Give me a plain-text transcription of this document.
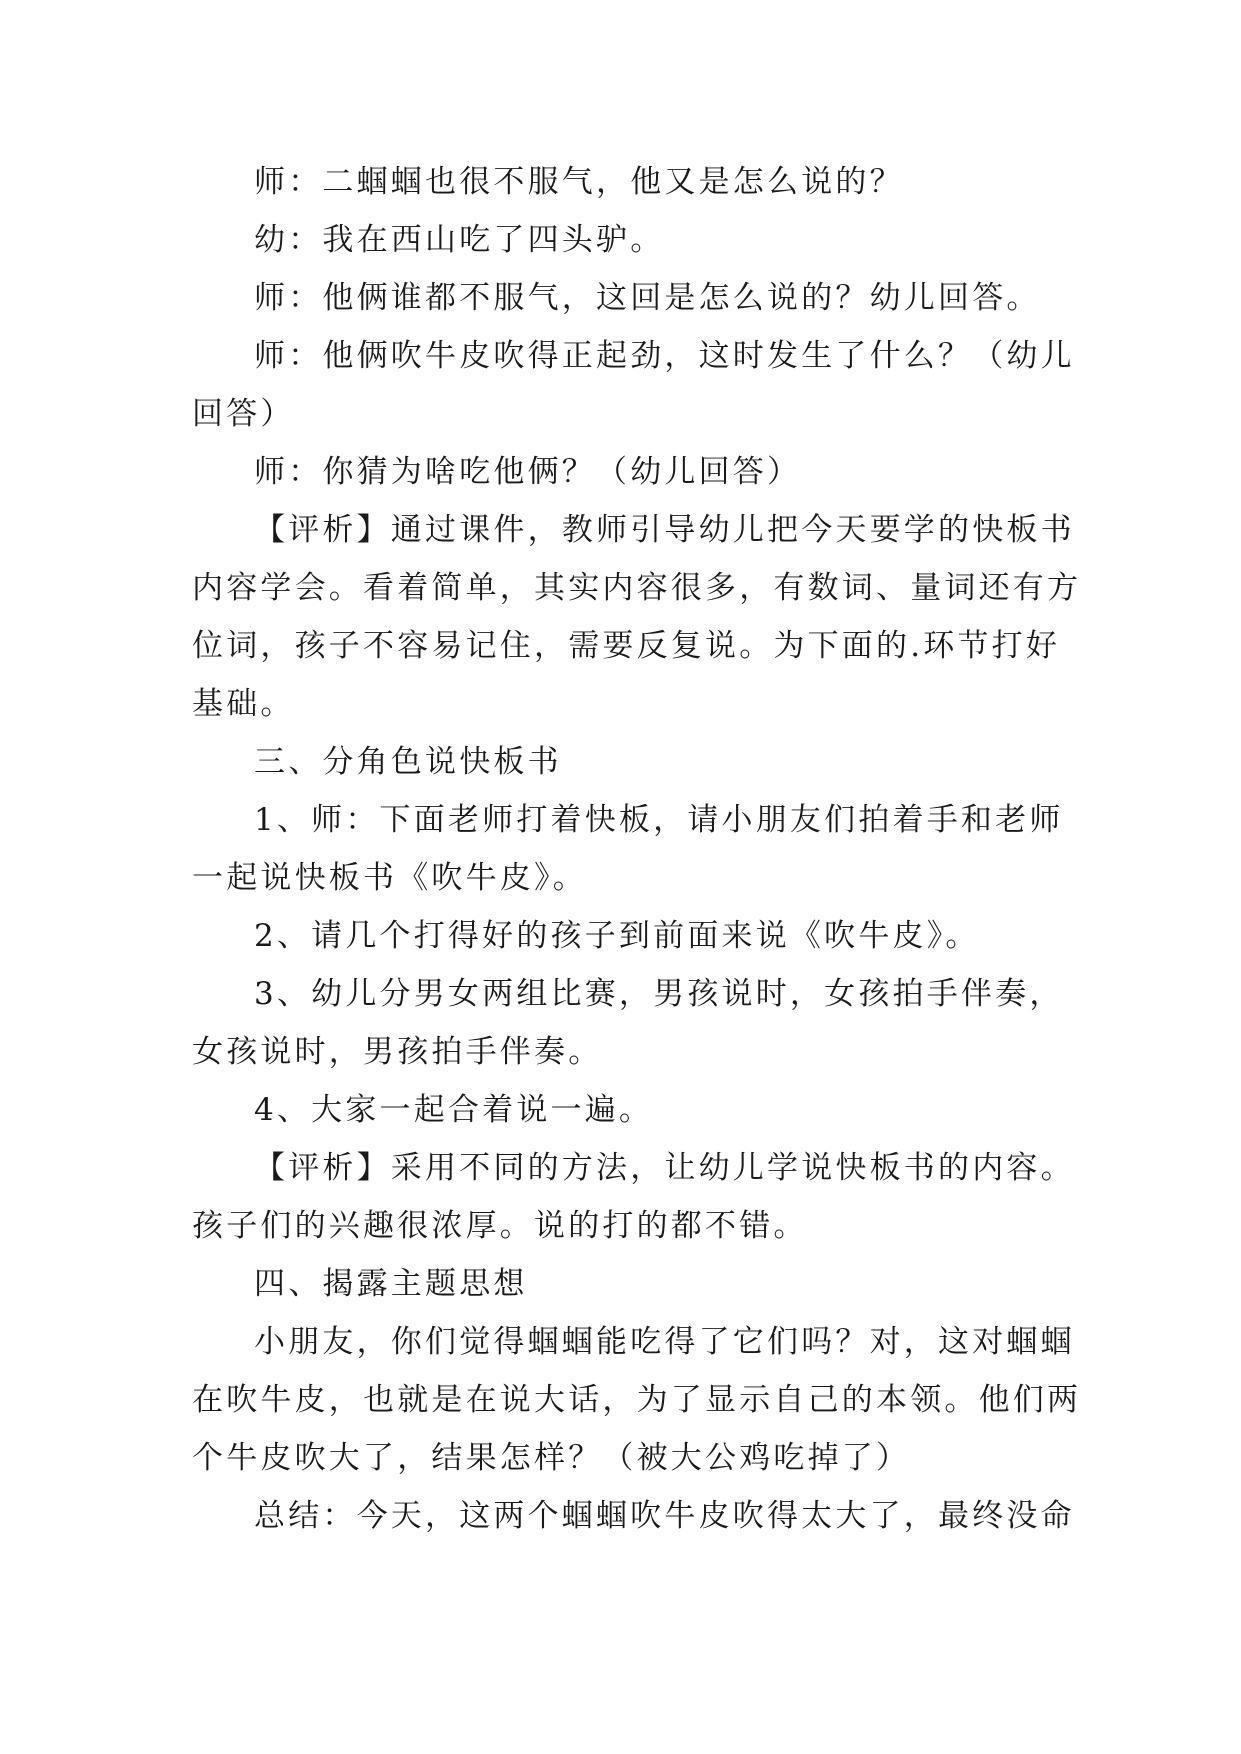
师：二蝈蝈也很不服气，他又是怎么说的？

幼：我在西山吃了四头驴。

师：他俩谁都不服气，这回是怎么说的？幼儿回答。

师：他俩吹牛皮吹得正起劲，这时发生了什么？（幼儿
回答）

师：你猜为啥吃他俩？（幼儿回答）

【评析】通过课件，教师引导幼儿把今天要学的快板书
内容学会。看着简单，其实内容很多，有数词、量词还有方
位词，孩子不容易记住，需要反复说。为下面的.环节打好
基础。

三、分角色说快板书

1、师：下面老师打着快板，请小朋友们拍着手和老师
一起说快板书《吹牛皮》。

2、请几个打得好的孩子到前面来说《吹牛皮》。

3、幼儿分男女两组比赛，男孩说时，女孩拍手伴奏，
女孩说时，男孩拍手伴奏。

4、大家一起合着说一遍。

【评析】采用不同的方法，让幼儿学说快板书的内容。
孩子们的兴趣很浓厚。说的打的都不错。

四、揭露主题思想

小朋友，你们觉得蝈蝈能吃得了它们吗？对，这对蝈蝈
在吹牛皮，也就是在说大话，为了显示自己的本领。他们两
个牛皮吹大了，结果怎样？（被大公鸡吃掉了）

总结：今天，这两个蝈蝈吹牛皮吹得太大了，最终没命
